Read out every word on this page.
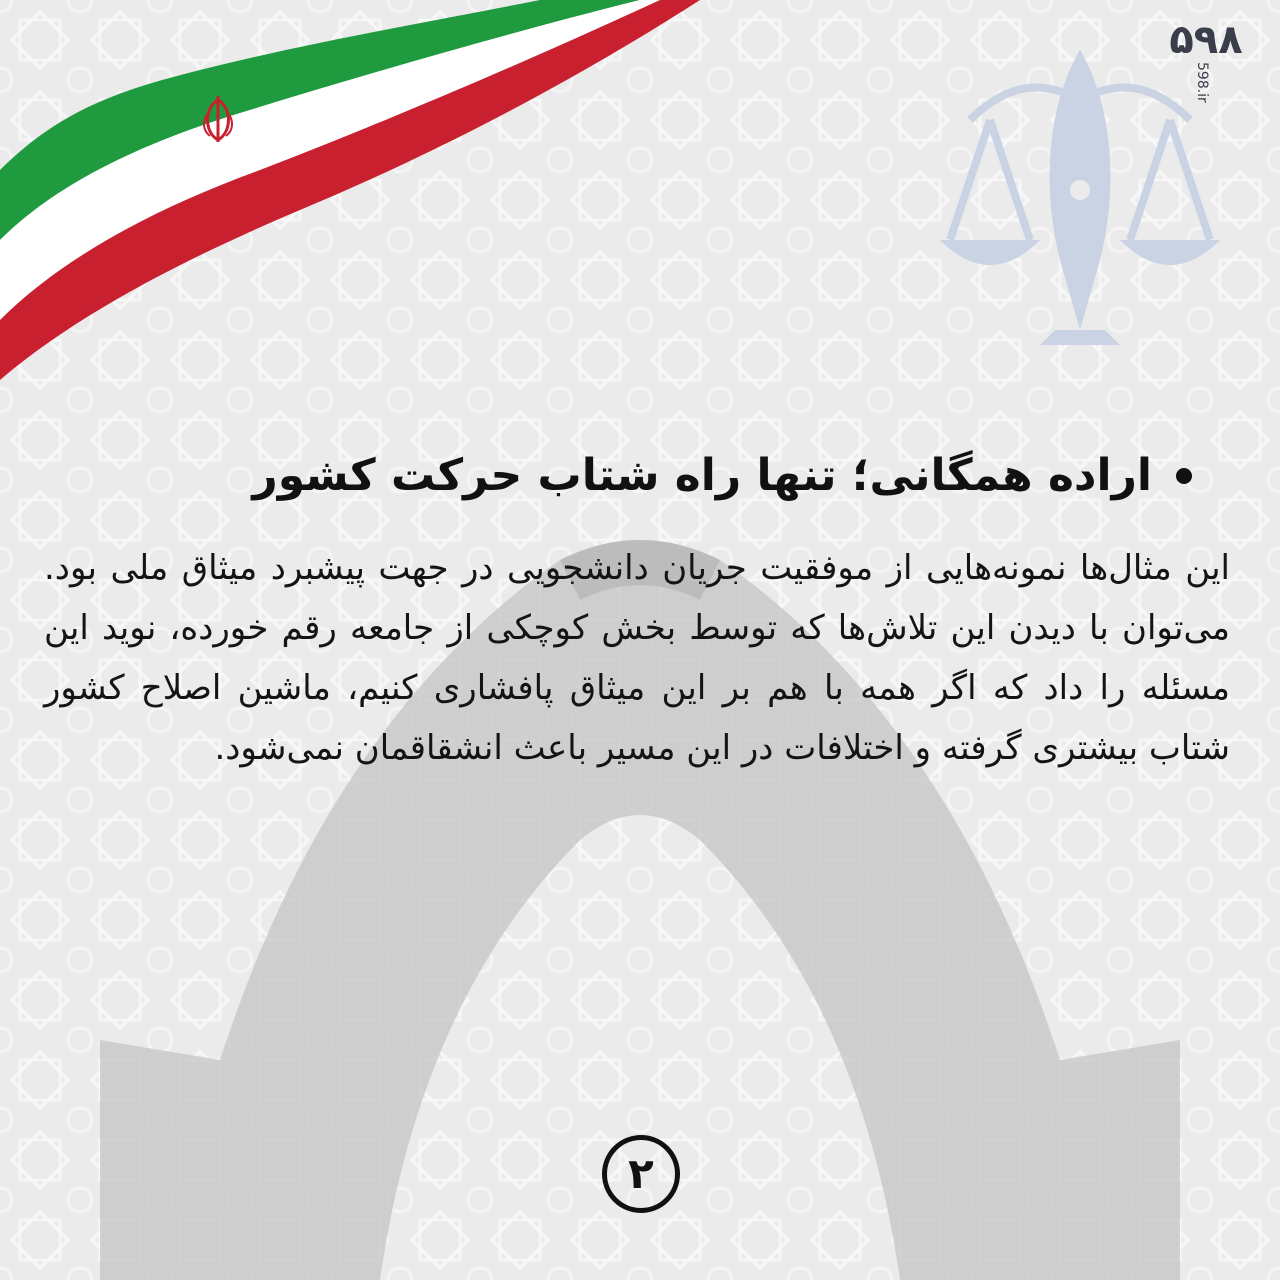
۵۹۸
598.ir
اراده همگانی؛ تنها راه شتاب حرکت کشور

این مثال‌ها نمونه‌هایی از موفقیت جریان دانشجویی در جهت پیشبرد میثاق ملی بود. می‌توان با دیدن این تلاش‌ها که توسط بخش کوچکی از جامعه رقم خورده، نوید این مسئله را داد که اگر همه با هم بر این میثاق پافشاری کنیم، ماشین اصلاح کشور شتاب بیشتری گرفته و اختلافات در این مسیر باعث انشقاقمان نمی‌شود.

۲
